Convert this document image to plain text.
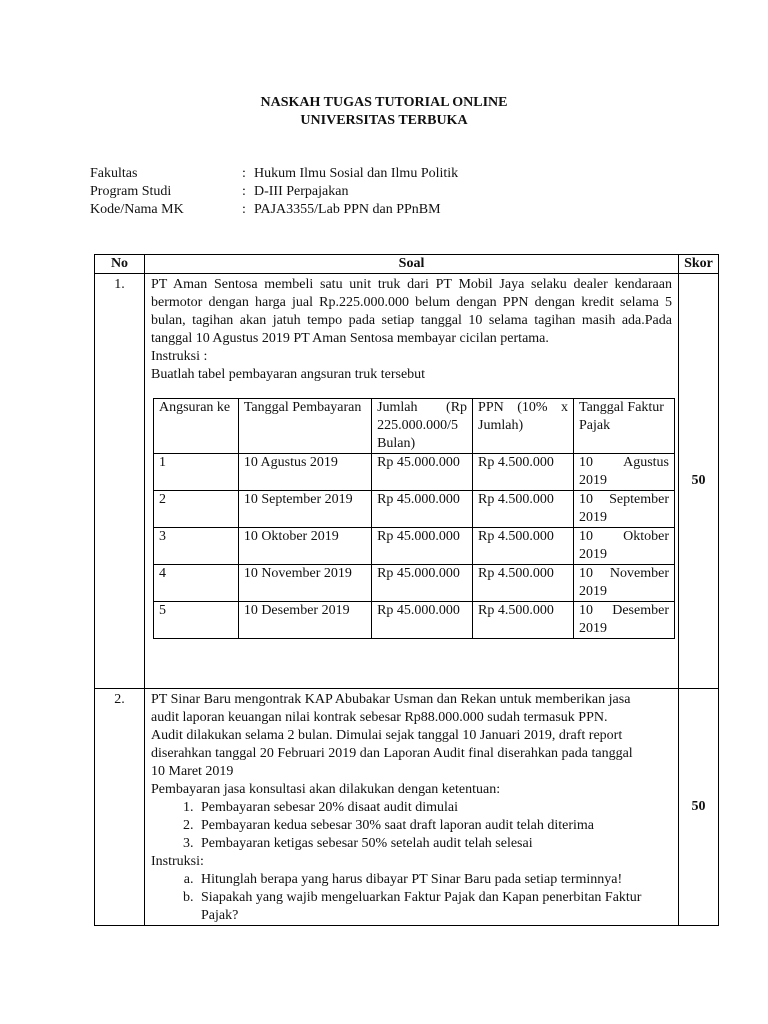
NASKAH TUGAS TUTORIAL ONLINE
UNIVERSITAS TERBUKA
Fakultas	: Hukum Ilmu Sosial dan Ilmu Politik
Program Studi	: D-III Perpajakan
Kode/Nama MK	: PAJA3355/Lab PPN dan PPnBM
No	Soal	Skor
1.	PT Aman Sentosa membeli satu unit truk dari PT Mobil Jaya selaku dealer kendaraan bermotor dengan harga jual Rp.225.000.000 belum dengan PPN dengan kredit selama 5 bulan, tagihan akan jatuh tempo pada setiap tanggal 10 selama tagihan masih ada.Pada tanggal 10 Agustus 2019 PT Aman Sentosa membayar cicilan pertama.
Instruksi :
Buatlah tabel pembayaran angsuran truk tersebut
Angsuran ke	Tanggal Pembayaran	Jumlah (Rp 225.000.000/5 Bulan)	PPN (10% x Jumlah)	Tanggal Faktur Pajak
1	10 Agustus 2019	Rp 45.000.000	Rp 4.500.000	10 Agustus 2019
2	10 September 2019	Rp 45.000.000	Rp 4.500.000	10 September 2019
3	10 Oktober 2019	Rp 45.000.000	Rp 4.500.000	10 Oktober 2019
4	10 November 2019	Rp 45.000.000	Rp 4.500.000	10 November 2019
5	10 Desember 2019	Rp 45.000.000	Rp 4.500.000	10 Desember 2019
	50
2.	PT Sinar Baru mengontrak KAP Abubakar Usman dan Rekan untuk memberikan jasa
audit laporan keuangan nilai kontrak sebesar Rp88.000.000 sudah termasuk PPN.
Audit dilakukan selama 2 bulan. Dimulai sejak tanggal 10 Januari 2019, draft report
diserahkan tanggal 20 Februari 2019 dan Laporan Audit final diserahkan pada tanggal
10 Maret 2019
Pembayaran jasa konsultasi akan dilakukan dengan ketentuan:
1. Pembayaran sebesar 20% disaat audit dimulai
2. Pembayaran kedua sebesar 30% saat draft laporan audit telah diterima
3. Pembayaran ketigas sebesar 50% setelah audit telah selesai
Instruksi:
a. Hitunglah berapa yang harus dibayar PT Sinar Baru pada setiap terminnya!
b. Siapakah yang wajib mengeluarkan Faktur Pajak dan Kapan penerbitan Faktur Pajak?
	50
